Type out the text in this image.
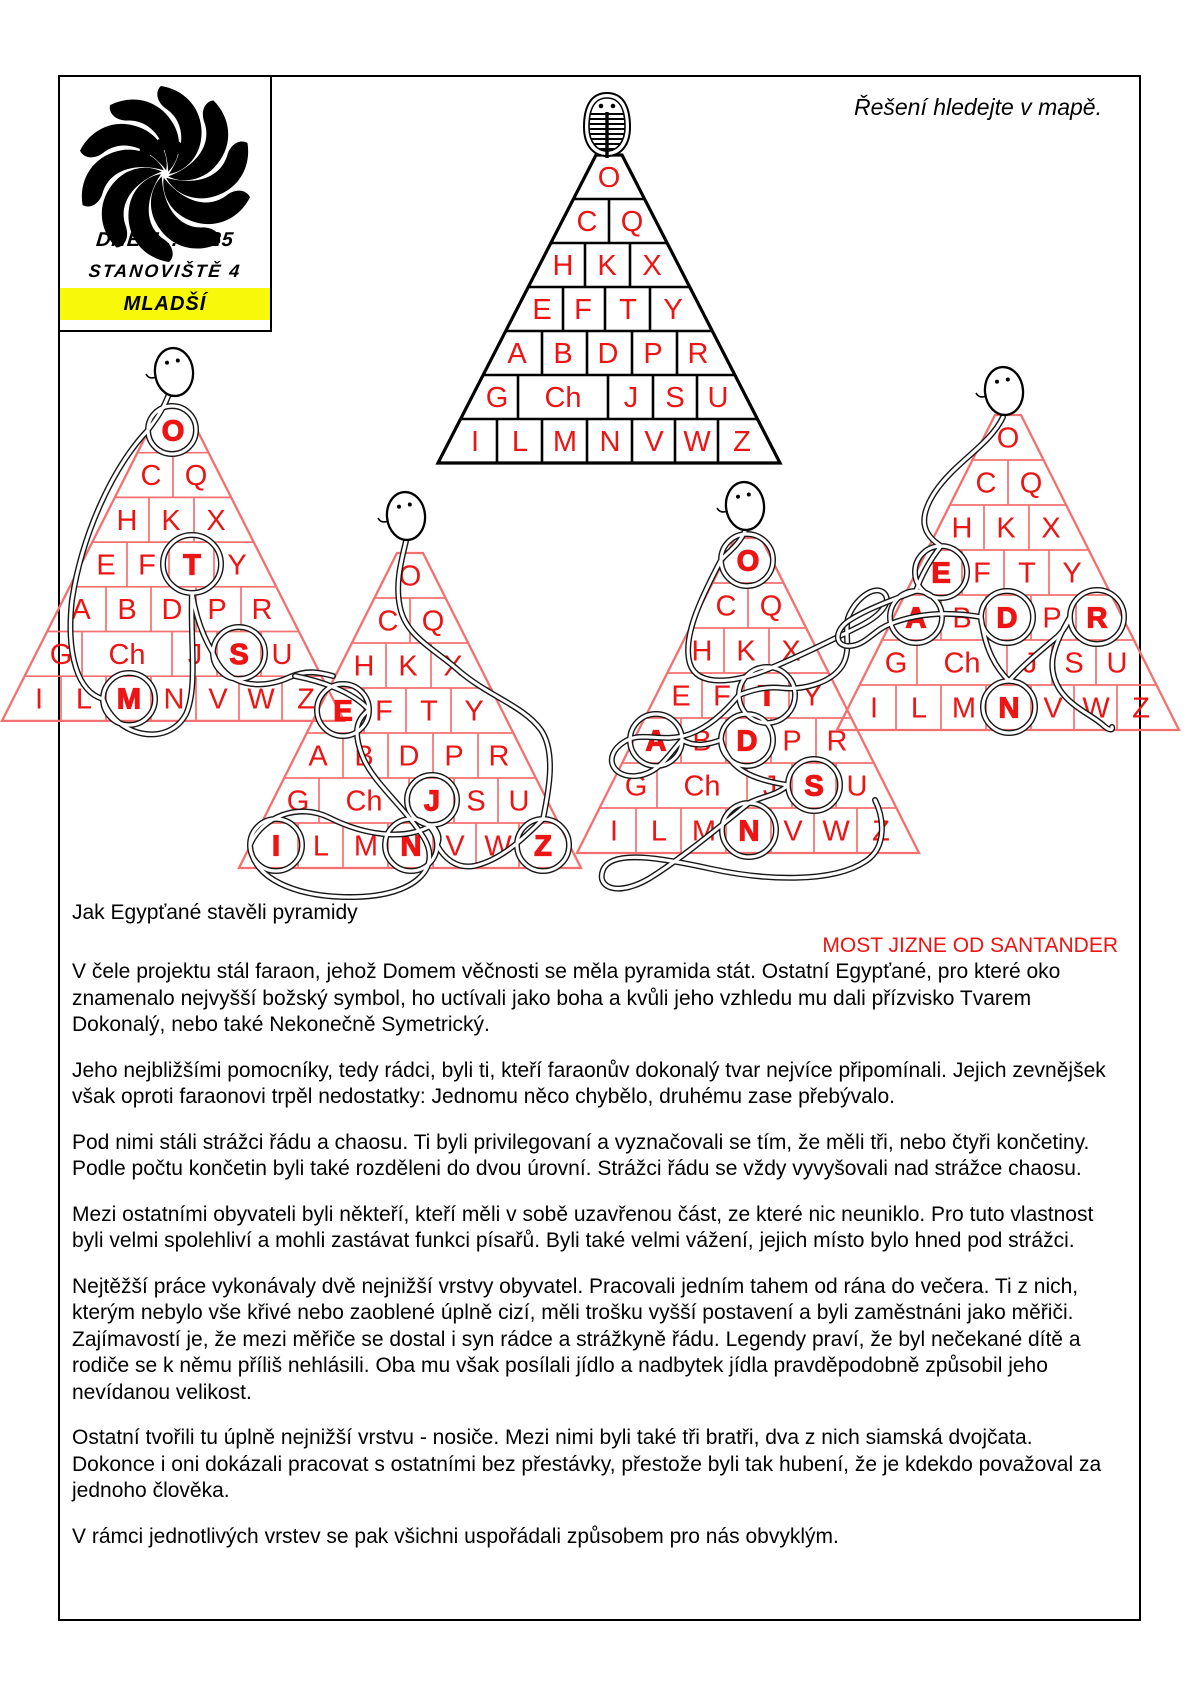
DNEM... 2025
STANOVIŠTĚ 4
MLADŠÍ
Řešení hledejte v mapě.
O
C Q
H K X
E F T Y
A B D P R
G Ch J S U
I L M N V W Z
O
C Q
H K X
E F T Y
A B D P R
G Ch J S U
I L M N V W Z
O
C Q
H K X
E F T Y
A B D P R
G Ch J S U
I L M N V W Z
O
C Q
H K X
E F T Y
A B D P R
G Ch J S U
I L M N V W Z
O
C Q
H K X
E F T Y
A B D P R
G Ch J S U
I L M N V W Z
Jak Egypťané stavěli pyramidy
MOST JIZNE OD SANTANDER

V čele projektu stál faraon, jehož Domem věčnosti se měla pyramida stát. Ostatní Egypťané, pro které oko znamenalo nejvyšší božský symbol, ho uctívali jako boha a kvůli jeho vzhledu mu dali přízvisko Tvarem Dokonalý, nebo také Nekonečně Symetrický.

Jeho nejbližšími pomocníky, tedy rádci, byli ti, kteří faraonův dokonalý tvar nejvíce připomínali. Jejich zevnějšek však oproti faraonovi trpěl nedostatky: Jednomu něco chybělo, druhému zase přebývalo.

Pod nimi stáli strážci řádu a chaosu. Ti byli privilegovaní a vyznačovali se tím, že měli tři, nebo čtyři končetiny. Podle počtu končetin byli také rozděleni do dvou úrovní. Strážci řádu se vždy vyvyšovali nad strážce chaosu.

Mezi ostatními obyvateli byli někteří, kteří měli v sobě uzavřenou část, ze které nic neuniklo. Pro tuto vlastnost byli velmi spolehliví a mohli zastávat funkci písařů. Byli také velmi vážení, jejich místo bylo hned pod strážci.

Nejtěžší práce vykonávaly dvě nejnižší vrstvy obyvatel. Pracovali jedním tahem od rána do večera. Ti z nich, kterým nebylo vše křivé nebo zaoblené úplně cizí, měli trošku vyšší postavení a byli zaměstnáni jako měřiči. Zajímavostí je, že mezi měřiče se dostal i syn rádce a strážkyně řádu. Legendy praví, že byl nečekané dítě a rodiče se k němu příliš nehlásili. Oba mu však posílali jídlo a nadbytek jídla pravděpodobně způsobil jeho nevídanou velikost.

Ostatní tvořili tu úplně nejnižší vrstvu - nosiče. Mezi nimi byli také tři bratři, dva z nich siamská dvojčata. Dokonce i oni dokázali pracovat s ostatními bez přestávky, přestože byli tak hubení, že je kdekdo považoval za jednoho člověka.

V rámci jednotlivých vrstev se pak všichni uspořádali způsobem pro nás obvyklým.
